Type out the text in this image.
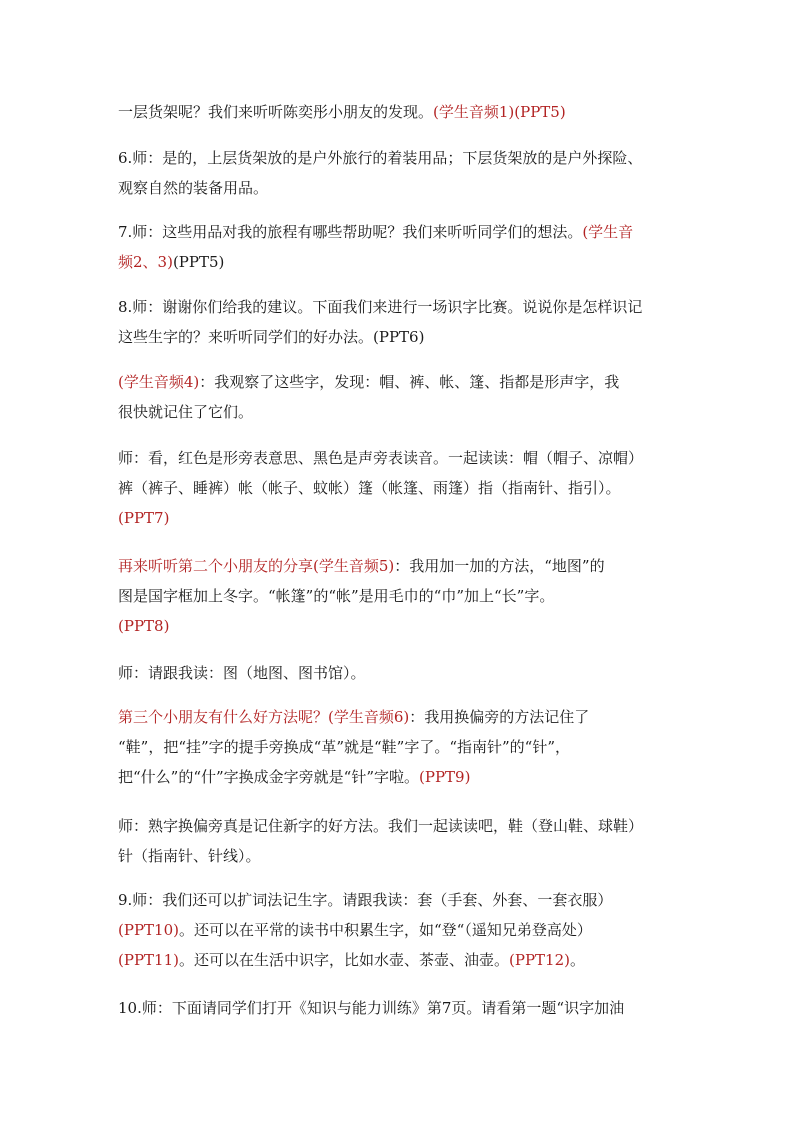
一层货架呢？我们来听听陈奕彤小朋友的发现。(学生音频1)(PPT5)
6.师：是的，上层货架放的是户外旅行的着装用品；下层货架放的是户外探险、
观察自然的装备用品。
7.师：这些用品对我的旅程有哪些帮助呢？我们来听听同学们的想法。(学生音
频2、3)(PPT5)
8.师：谢谢你们给我的建议。下面我们来进行一场识字比赛。说说你是怎样识记
这些生字的？来听听同学们的好办法。(PPT6)
(学生音频4)：我观察了这些字，发现：帽、裤、帐、篷、指都是形声字，我
很快就记住了它们。
师：看，红色是形旁表意思、黑色是声旁表读音。一起读读：帽（帽子、凉帽）
裤（裤子、睡裤）帐（帐子、蚊帐）篷（帐篷、雨篷）指（指南针、指引）。
(PPT7)
再来听听第二个小朋友的分享(学生音频5)：我用加一加的方法，“地图”的
图是国字框加上冬字。“帐篷”的“帐”是用毛巾的“巾”加上“长”字。
(PPT8)
师：请跟我读：图（地图、图书馆）。
第三个小朋友有什么好方法呢？(学生音频6)：我用换偏旁的方法记住了
“鞋”，把“挂”字的提手旁换成“革”就是“鞋”字了。“指南针”的“针”，
把“什么”的“什”字换成金字旁就是“针”字啦。(PPT9)
师：熟字换偏旁真是记住新字的好方法。我们一起读读吧，鞋（登山鞋、球鞋）
针（指南针、针线）。
9.师：我们还可以扩词法记生字。请跟我读：套（手套、外套、一套衣服）
(PPT10)。还可以在平常的读书中积累生字，如“登“（遥知兄弟登高处）
(PPT11)。还可以在生活中识字，比如水壶、茶壶、油壶。(PPT12)。
10.师：下面请同学们打开《知识与能力训练》第7页。请看第一题“识字加油
